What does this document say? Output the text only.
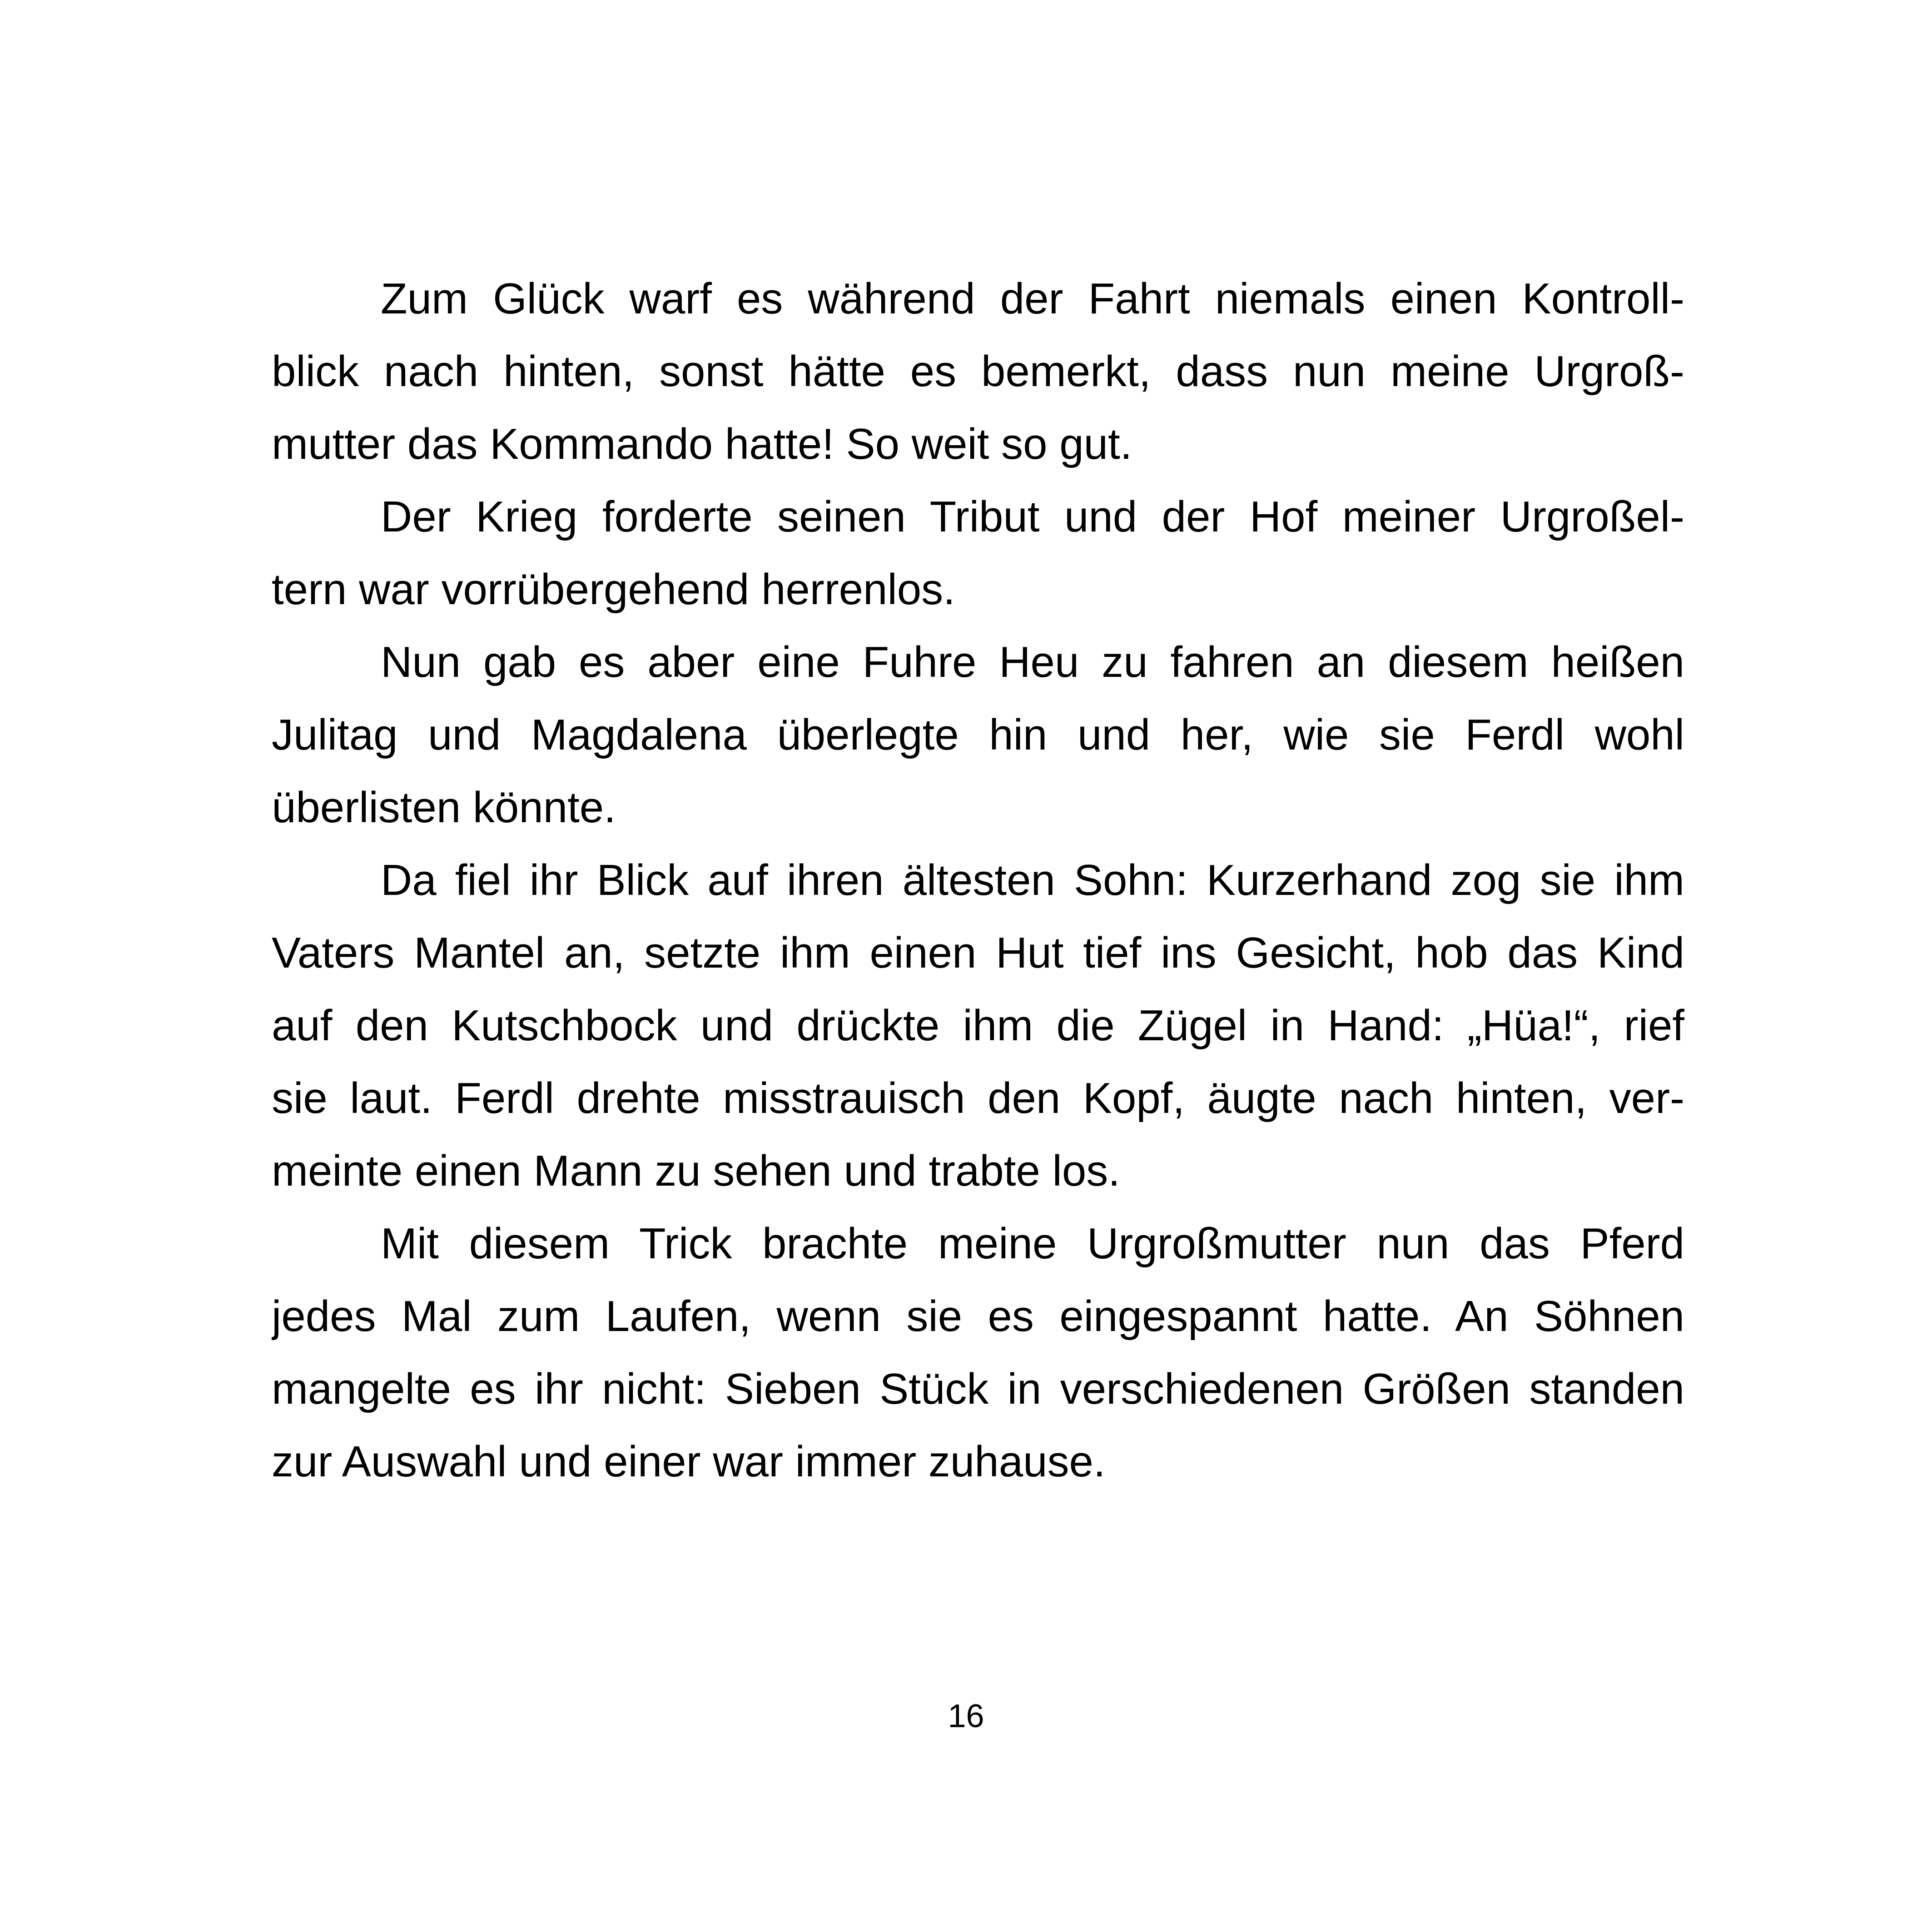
Zum Glück warf es während der Fahrt niemals einen Kontroll-
blick nach hinten, sonst hätte es bemerkt, dass nun meine Urgroß-
mutter das Kommando hatte! So weit so gut.
Der Krieg forderte seinen Tribut und der Hof meiner Urgroßel-
tern war vorrübergehend herrenlos.
Nun gab es aber eine Fuhre Heu zu fahren an diesem heißen
Julitag und Magdalena überlegte hin und her, wie sie Ferdl wohl
überlisten könnte.
Da fiel ihr Blick auf ihren ältesten Sohn: Kurzerhand zog sie ihm
Vaters Mantel an, setzte ihm einen Hut tief ins Gesicht, hob das Kind
auf den Kutschbock und drückte ihm die Zügel in Hand: „Hüa!“, rief
sie laut. Ferdl drehte misstrauisch den Kopf, äugte nach hinten, ver-
meinte einen Mann zu sehen und trabte los.
Mit diesem Trick brachte meine Urgroßmutter nun das Pferd
jedes Mal zum Laufen, wenn sie es eingespannt hatte. An Söhnen
mangelte es ihr nicht: Sieben Stück in verschiedenen Größen standen
zur Auswahl und einer war immer zuhause.
16
